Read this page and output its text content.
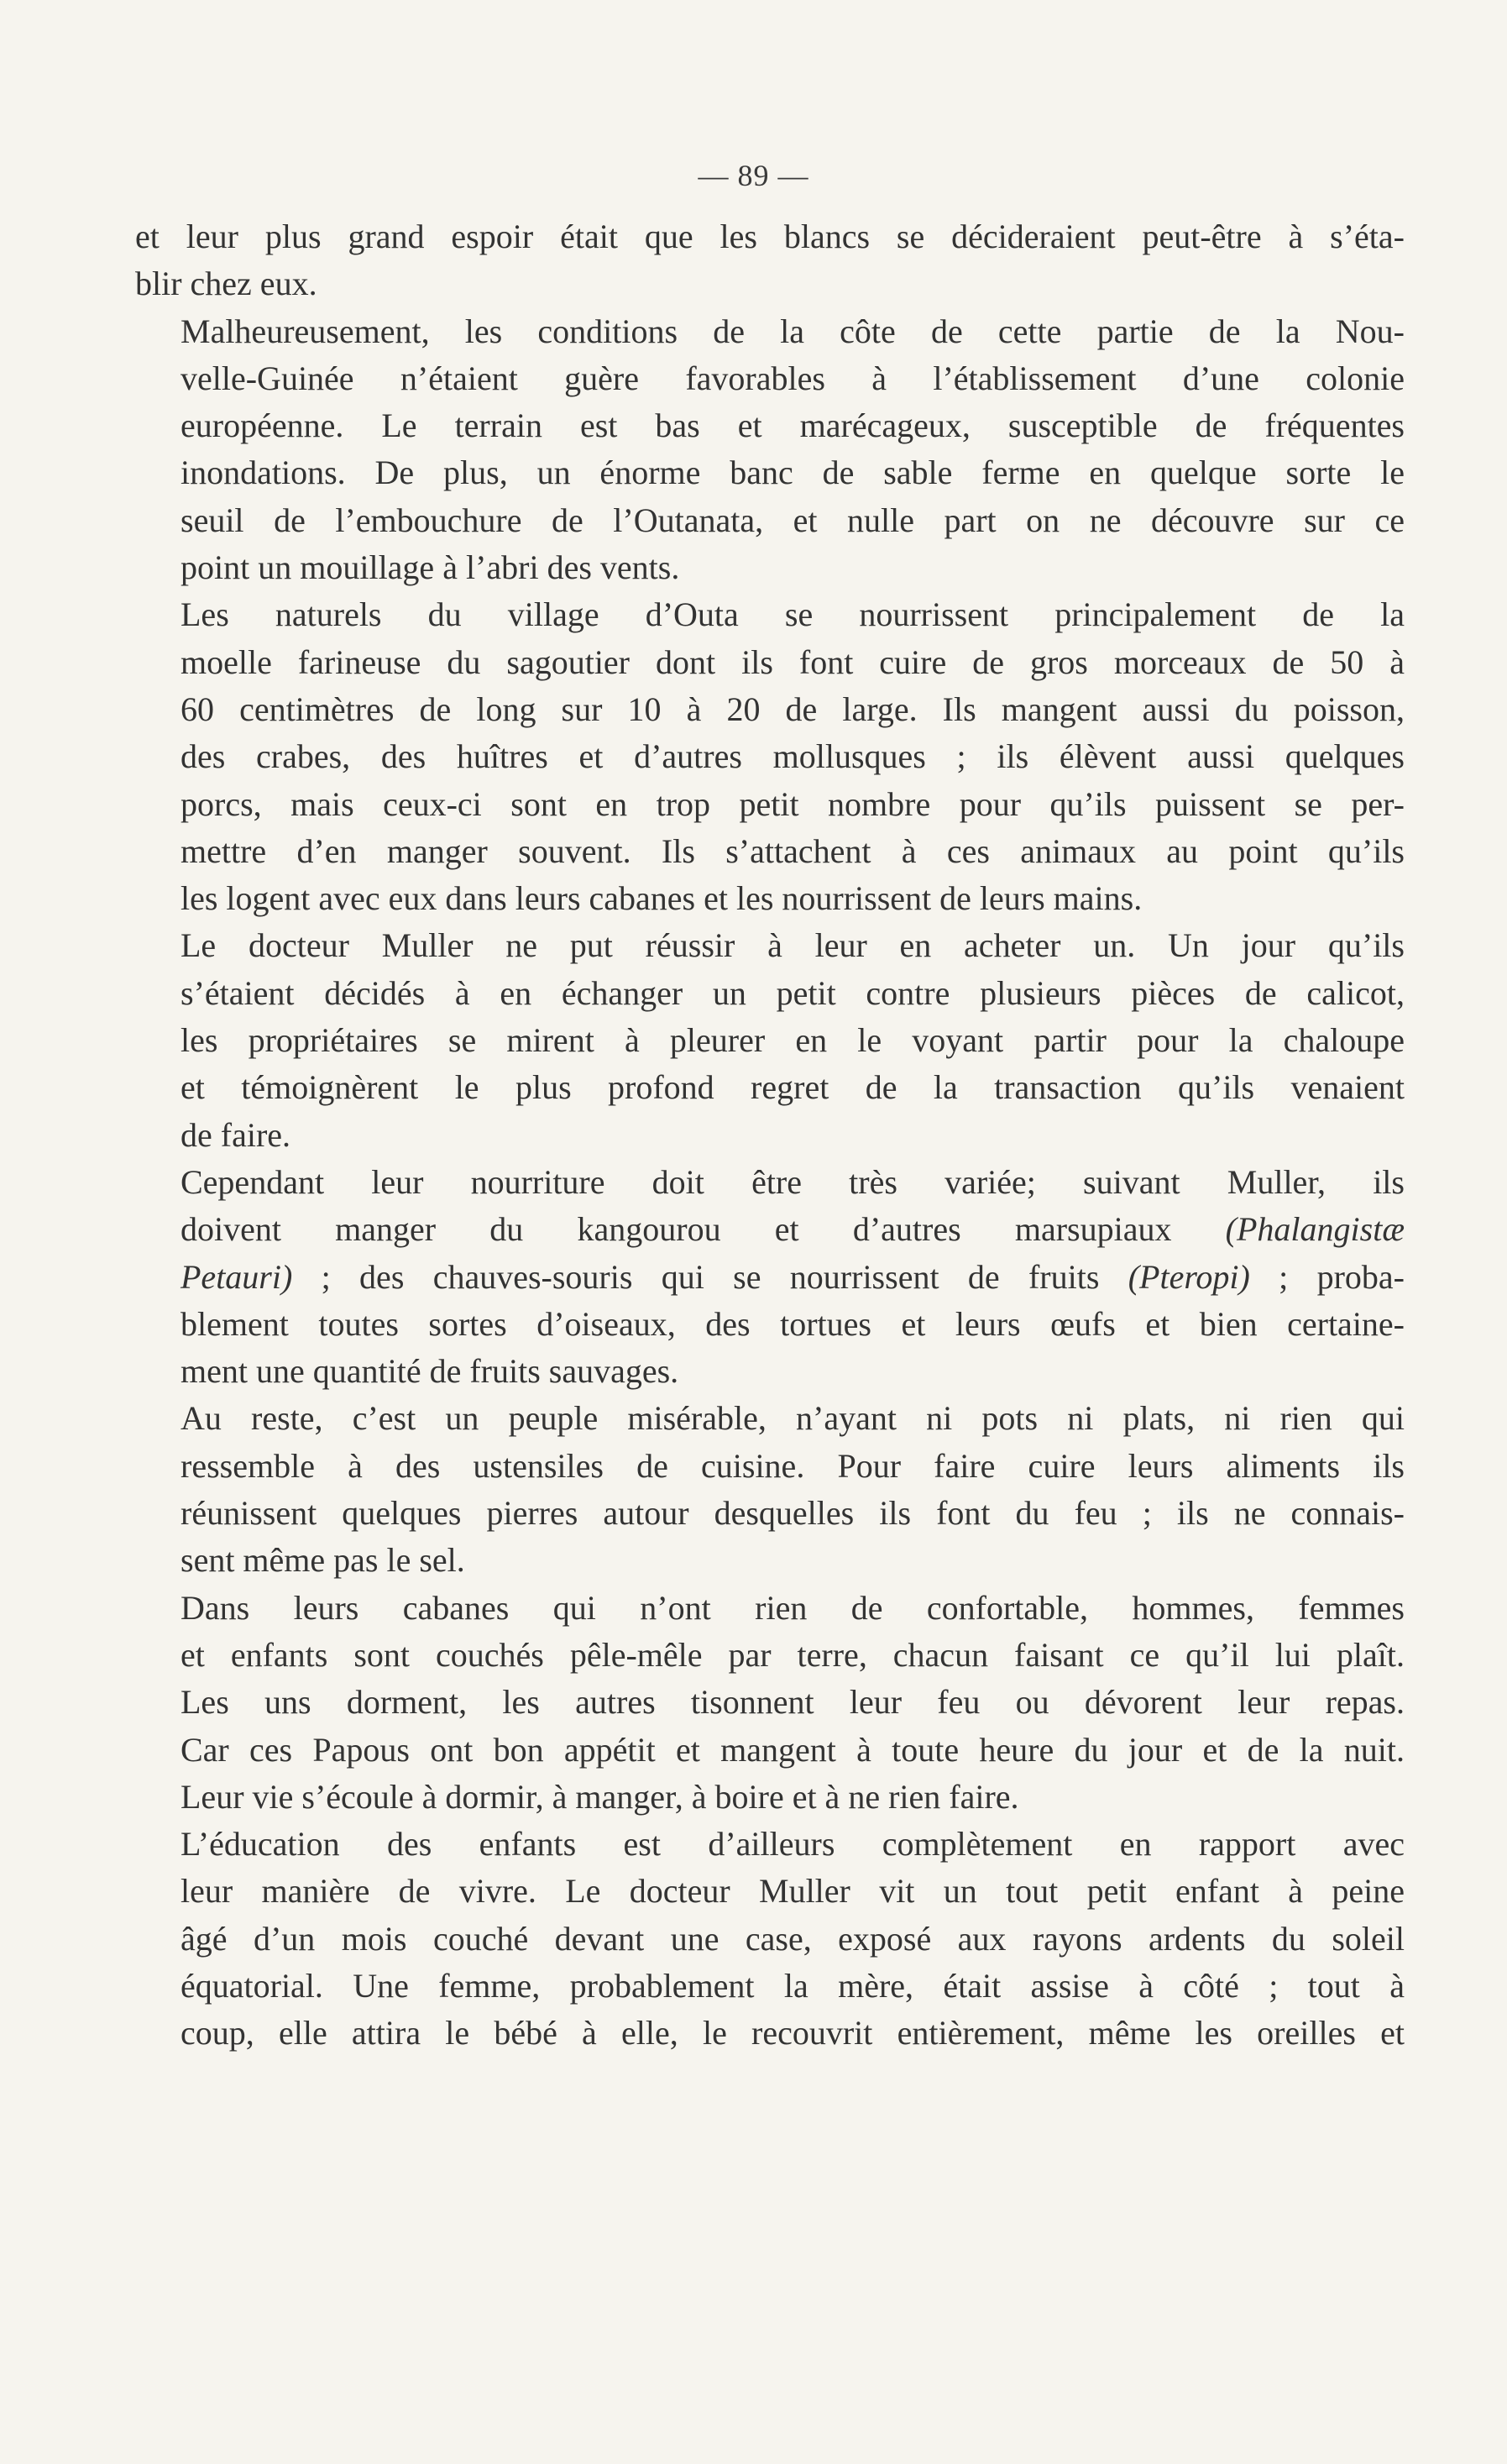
— 89 —

et leur plus grand espoir était que les blancs se décideraient peut-être à s’éta-
blir chez eux.

Malheureusement, les conditions de la côte de cette partie de la Nou-
velle-Guinée n’étaient guère favorables à l’établissement d’une colonie
européenne. Le terrain est bas et marécageux, susceptible de fréquentes
inondations. De plus, un énorme banc de sable ferme en quelque sorte le
seuil de l’embouchure de l’Outanata, et nulle part on ne découvre sur ce
point un mouillage à l’abri des vents.

Les naturels du village d’Outa se nourrissent principalement de la
moelle farineuse du sagoutier dont ils font cuire de gros morceaux de 50 à
60 centimètres de long sur 10 à 20 de large. Ils mangent aussi du poisson,
des crabes, des huîtres et d’autres mollusques ; ils élèvent aussi quelques
porcs, mais ceux-ci sont en trop petit nombre pour qu’ils puissent se per-
mettre d’en manger souvent. Ils s’attachent à ces animaux au point qu’ils
les logent avec eux dans leurs cabanes et les nourrissent de leurs mains.

Le docteur Muller ne put réussir à leur en acheter un. Un jour qu’ils
s’étaient décidés à en échanger un petit contre plusieurs pièces de calicot,
les propriétaires se mirent à pleurer en le voyant partir pour la chaloupe
et témoignèrent le plus profond regret de la transaction qu’ils venaient
de faire.

Cependant leur nourriture doit être très variée; suivant Muller, ils
doivent manger du kangourou et d’autres marsupiaux (Phalangistæ
Petauri) ; des chauves-souris qui se nourrissent de fruits (Pteropi) ; proba-
blement toutes sortes d’oiseaux, des tortues et leurs œufs et bien certaine-
ment une quantité de fruits sauvages.

Au reste, c’est un peuple misérable, n’ayant ni pots ni plats, ni rien qui
ressemble à des ustensiles de cuisine. Pour faire cuire leurs aliments ils
réunissent quelques pierres autour desquelles ils font du feu ; ils ne connais-
sent même pas le sel.

Dans leurs cabanes qui n’ont rien de confortable, hommes, femmes
et enfants sont couchés pêle-mêle par terre, chacun faisant ce qu’il lui plaît.
Les uns dorment, les autres tisonnent leur feu ou dévorent leur repas.
Car ces Papous ont bon appétit et mangent à toute heure du jour et de la nuit.
Leur vie s’écoule à dormir, à manger, à boire et à ne rien faire.

L’éducation des enfants est d’ailleurs complètement en rapport avec
leur manière de vivre. Le docteur Muller vit un tout petit enfant à peine
âgé d’un mois couché devant une case, exposé aux rayons ardents du soleil
équatorial. Une femme, probablement la mère, était assise à côté ; tout à
coup, elle attira le bébé à elle, le recouvrit entièrement, même les oreilles et
